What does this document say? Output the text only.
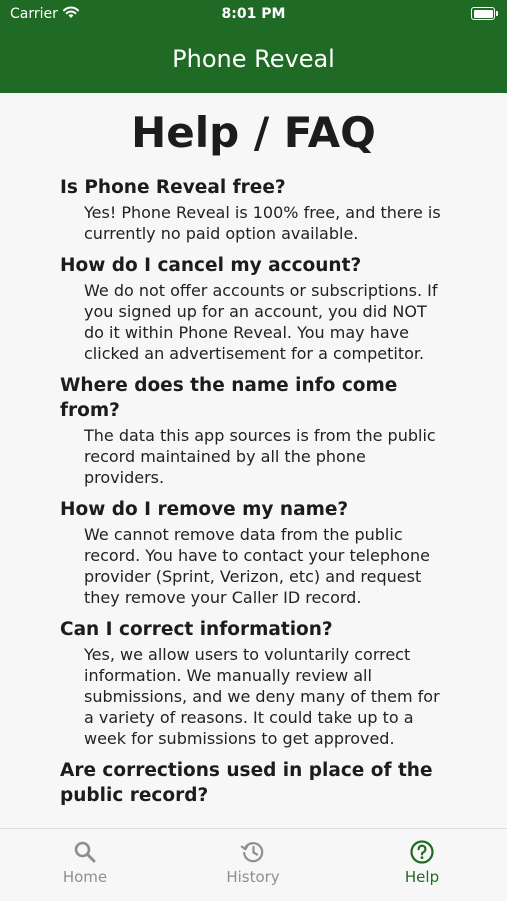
Carrier	8:01 PM
Phone Reveal
Help / FAQ

Is Phone Reveal free?

Yes! Phone Reveal is 100% free, and there is currently no paid option available.

How do I cancel my account?

We do not offer accounts or subscriptions. If you signed up for an account, you did NOT do it within Phone Reveal. You may have clicked an advertisement for a competitor.

Where does the name info come from?

The data this app sources is from the public record maintained by all the phone providers.

How do I remove my name?

We cannot remove data from the public record. You have to contact your telephone provider (Sprint, Verizon, etc) and request they remove your Caller ID record.

Can I correct information?

Yes, we allow users to voluntarily correct information. We manually review all submissions, and we deny many of them for a variety of reasons. It could take up to a week for submissions to get approved.

Are corrections used in place of the public record?

Home	History	Help
